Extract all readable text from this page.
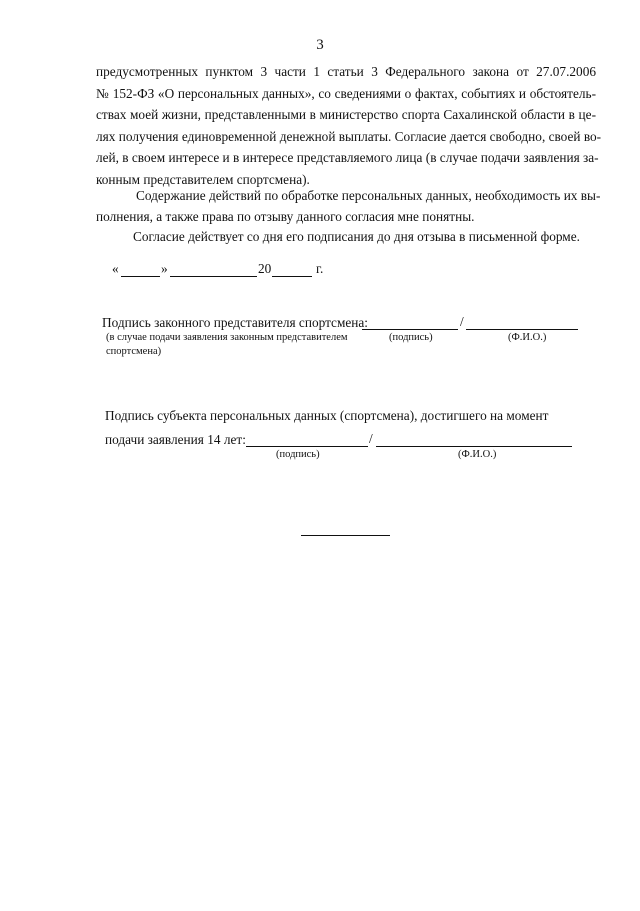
3
предусмотренных пунктом 3 части 1 статьи 3 Федерального закона от 27.07.2006
№ 152-ФЗ «О персональных данных», со сведениями о фактах, событиях и обстоятель-
ствах моей жизни, представленными в министерство спорта Сахалинской области в це-
лях получения единовременной денежной выплаты. Согласие дается свободно, своей во-
лей, в своем интересе и в интересе представляемого лица (в случае подачи заявления за-
конным представителем спортсмена).
Содержание действий по обработке персональных данных, необходимость их вы-
полнения, а также права по отзыву данного согласия мне понятны.
Согласие действует со дня его подписания до дня отзыва в письменной форме.
«	»	20	г.
Подпись законного представителя спортсмена:	/
(в случае подачи заявления законным представителем
спортсмена)
(подпись)	(Ф.И.О.)
Подпись субъекта персональных данных (спортсмена), достигшего на момент
подачи заявления 14 лет:	/
(подпись)	(Ф.И.О.)
